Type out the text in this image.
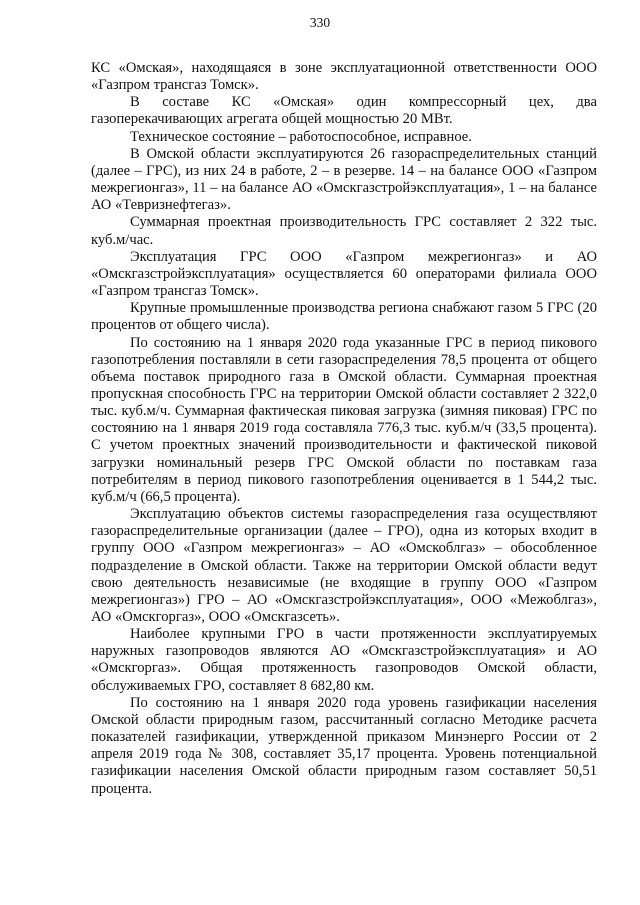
330

КС «Омская», находящаяся в зоне эксплуатационной ответственности ООО «Газпром трансгаз Томск».

В составе КС «Омская» один компрессорный цех, два газоперекачивающих агрегата общей мощностью 20 МВт.

Техническое состояние – работоспособное, исправное.

В Омской области эксплуатируются 26 газораспределительных станций (далее – ГРС), из них 24 в работе, 2 – в резерве. 14 – на балансе ООО «Газпром межрегионгаз», 11 – на балансе АО «Омскгазстройэксплуатация», 1 – на балансе АО «Тевризнефтегаз».

Суммарная проектная производительность ГРС составляет 2 322 тыс. куб.м/час.

Эксплуатация ГРС ООО «Газпром межрегионгаз» и АО «Омскгазстройэксплуатация» осуществляется 60 операторами филиала ООО «Газпром трансгаз Томск».

Крупные промышленные производства региона снабжают газом 5 ГРС (20 процентов от общего числа).

По состоянию на 1 января 2020 года указанные ГРС в период пикового газопотребления поставляли в сети газораспределения 78,5 процента от общего объема поставок природного газа в Омской области. Суммарная проектная пропускная способность ГРС на территории Омской области составляет 2 322,0 тыс. куб.м/ч. Суммарная фактическая пиковая загрузка (зимняя пиковая) ГРС по состоянию на 1 января 2019 года составляла 776,3 тыс. куб.м/ч (33,5 процента). С учетом проектных значений производительности и фактической пиковой загрузки номинальный резерв ГРС Омской области по поставкам газа потребителям в период пикового газопотребления оценивается в 1 544,2 тыс. куб.м/ч (66,5 процента).

Эксплуатацию объектов системы газораспределения газа осуществляют газораспределительные организации (далее – ГРО), одна из которых входит в группу ООО «Газпром межрегионгаз» – АО «Омскоблгаз» – обособленное подразделение в Омской области. Также на территории Омской области ведут свою деятельность независимые (не входящие в группу ООО «Газпром межрегионгаз») ГРО – АО «Омскгазстройэксплуатация», ООО «Межоблгаз», АО «Омскгоргаз», ООО «Омскгазсеть».

Наиболее крупными ГРО в части протяженности эксплуатируемых наружных газопроводов являются АО «Омскгазстройэксплуатация» и АО «Омскгоргаз». Общая протяженность газопроводов Омской области, обслуживаемых ГРО, составляет 8 682,80 км.

По состоянию на 1 января 2020 года уровень газификации населения Омской области природным газом, рассчитанный согласно Методике расчета показателей газификации, утвержденной приказом Минэнерго России от 2 апреля 2019 года № 308, составляет 35,17 процента. Уровень потенциальной газификации населения Омской области природным газом составляет 50,51 процента.
